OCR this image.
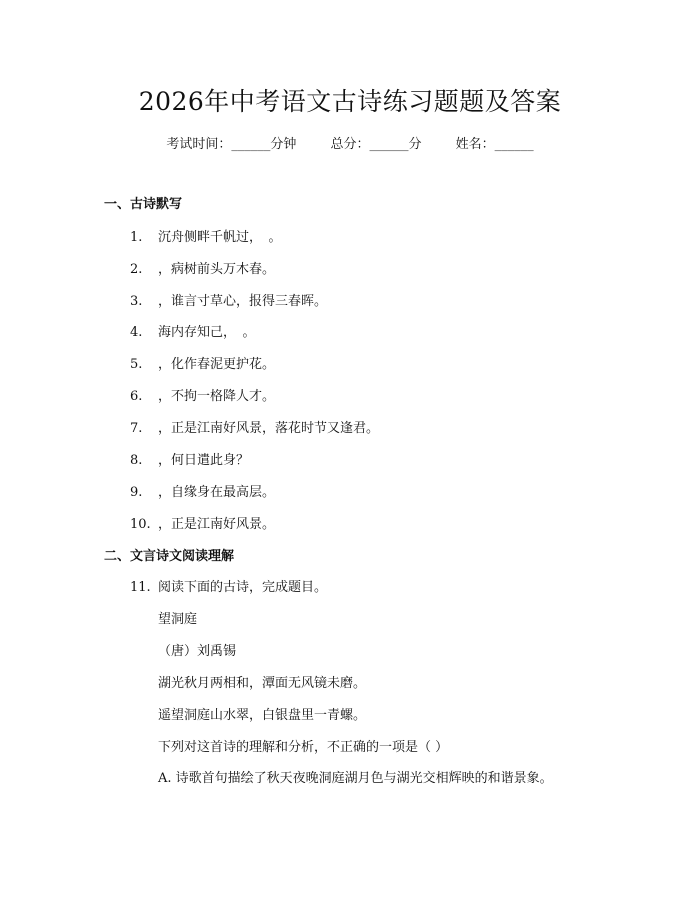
2026年中考语文古诗练习题题及答案
考试时间：______分钟	总分：______分	姓名：______
一、古诗默写
1. 沉舟侧畔千帆过，　。
2. ，病树前头万木春。
3. ，谁言寸草心，报得三春晖。
4. 海内存知己，　。
5. ，化作春泥更护花。
6. ，不拘一格降人才。
7. ，正是江南好风景，落花时节又逢君。
8. ，何日遣此身？
9. ，自缘身在最高层。
10. ，正是江南好风景。
二、文言诗文阅读理解
11. 阅读下面的古诗，完成题目。
望洞庭
（唐）刘禹锡
湖光秋月两相和，潭面无风镜未磨。
遥望洞庭山水翠，白银盘里一青螺。
下列对这首诗的理解和分析，不正确的一项是（ ）
A. 诗歌首句描绘了秋天夜晚洞庭湖月色与湖光交相辉映的和谐景象。
